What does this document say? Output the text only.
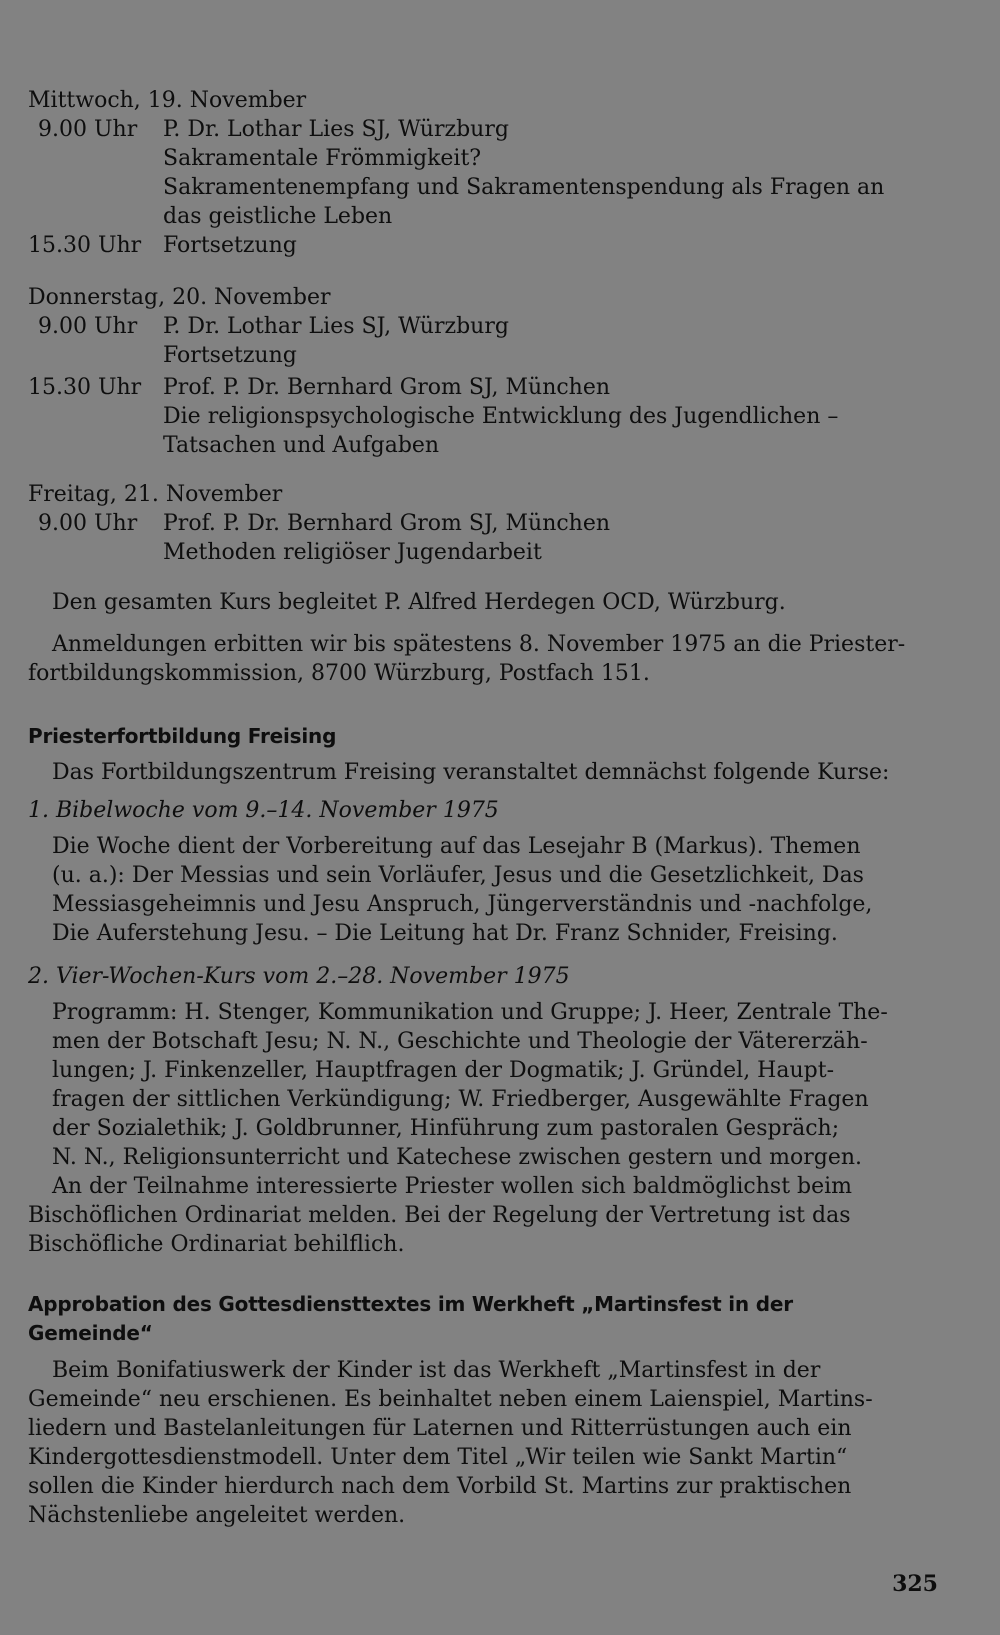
Mittwoch, 19. November
9.00 Uhr	P. Dr. Lothar Lies SJ, Würzburg
Sakramentale Frömmigkeit?
Sakramentenempfang und Sakramentenspendung als Fragen an
das geistliche Leben
15.30 Uhr Fortsetzung
Donnerstag, 20. November
9.00 Uhr	P. Dr. Lothar Lies SJ, Würzburg
Fortsetzung
15.30 Uhr Prof. P. Dr. Bernhard Grom SJ, München
Die religionspsychologische Entwicklung des Jugendlichen –
Tatsachen und Aufgaben
Freitag, 21. November
9.00 Uhr	Prof. P. Dr. Bernhard Grom SJ, München
Methoden religiöser Jugendarbeit
Den gesamten Kurs begleitet P. Alfred Herdegen OCD, Würzburg.
Anmeldungen erbitten wir bis spätestens 8. November 1975 an die Priester-
fortbildungskommission, 8700 Würzburg, Postfach 151.
Priesterfortbildung Freising
Das Fortbildungszentrum Freising veranstaltet demnächst folgende Kurse:
1. Bibelwoche vom 9.–14. November 1975
Die Woche dient der Vorbereitung auf das Lesejahr B (Markus). Themen
(u. a.): Der Messias und sein Vorläufer, Jesus und die Gesetzlichkeit, Das
Messiasgeheimnis und Jesu Anspruch, Jüngerverständnis und -nachfolge,
Die Auferstehung Jesu. – Die Leitung hat Dr. Franz Schnider, Freising.
2. Vier-Wochen-Kurs vom 2.–28. November 1975
Programm: H. Stenger, Kommunikation und Gruppe; J. Heer, Zentrale The-
men der Botschaft Jesu; N. N., Geschichte und Theologie der Vätererzäh-
lungen; J. Finkenzeller, Hauptfragen der Dogmatik; J. Gründel, Haupt-
fragen der sittlichen Verkündigung; W. Friedberger, Ausgewählte Fragen
der Sozialethik; J. Goldbrunner, Hinführung zum pastoralen Gespräch;
N. N., Religionsunterricht und Katechese zwischen gestern und morgen.
An der Teilnahme interessierte Priester wollen sich baldmöglichst beim
Bischöflichen Ordinariat melden. Bei der Regelung der Vertretung ist das
Bischöfliche Ordinariat behilflich.
Approbation des Gottesdiensttextes im Werkheft „Martinsfest in der
Gemeinde“
Beim Bonifatiuswerk der Kinder ist das Werkheft „Martinsfest in der
Gemeinde“ neu erschienen. Es beinhaltet neben einem Laienspiel, Martins-
liedern und Bastelanleitungen für Laternen und Ritterrüstungen auch ein
Kindergottesdienstmodell. Unter dem Titel „Wir teilen wie Sankt Martin“
sollen die Kinder hierdurch nach dem Vorbild St. Martins zur praktischen
Nächstenliebe angeleitet werden.
325
